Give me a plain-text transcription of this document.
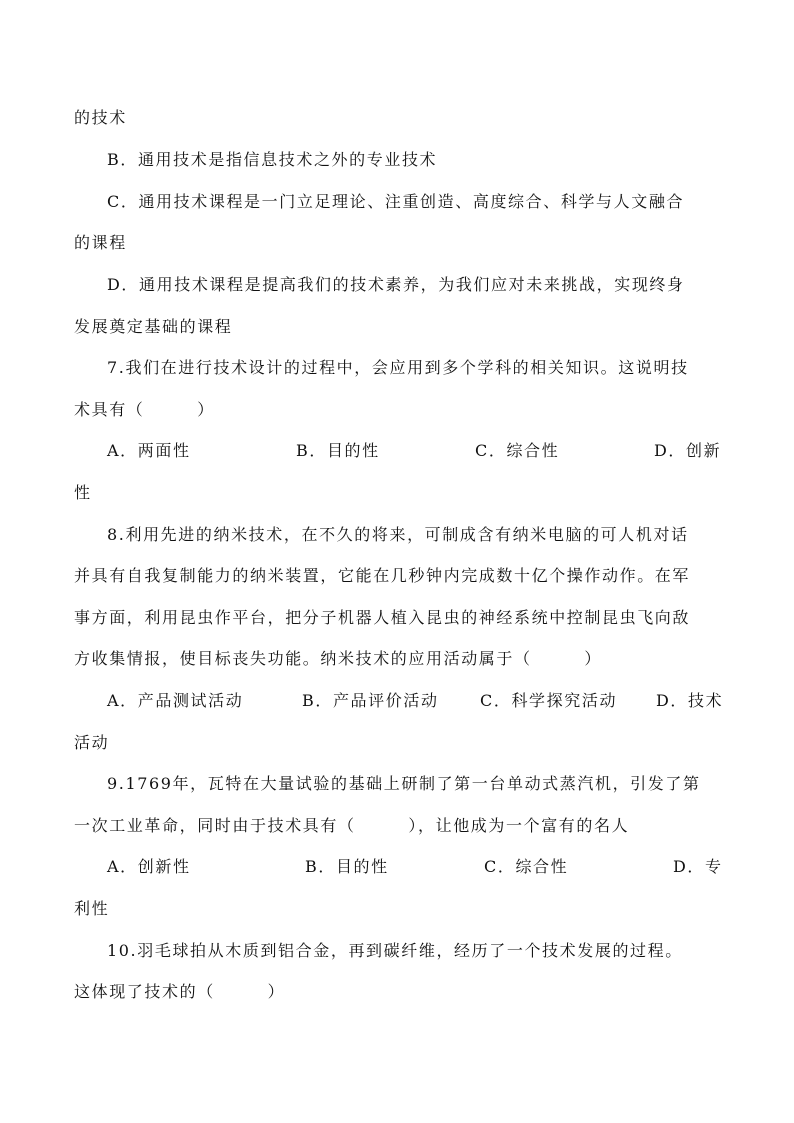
的技术
B．通用技术是指信息技术之外的专业技术
C．通用技术课程是一门立足理论、注重创造、高度综合、科学与人文融合
的课程
D．通用技术课程是提高我们的技术素养，为我们应对未来挑战，实现终身
发展奠定基础的课程
7.我们在进行技术设计的过程中，会应用到多个学科的相关知识。这说明技
术具有（　　　）
A．两面性	B．目的性	C．综合性	D．创新
性
8.利用先进的纳米技术，在不久的将来，可制成含有纳米电脑的可人机对话
并具有自我复制能力的纳米装置，它能在几秒钟内完成数十亿个操作动作。在军
事方面，利用昆虫作平台，把分子机器人植入昆虫的神经系统中控制昆虫飞向敌
方收集情报，使目标丧失功能。纳米技术的应用活动属于（　　　）
A．产品测试活动	B．产品评价活动	C．科学探究活动 D．技术
活动
9.1769年，瓦特在大量试验的基础上研制了第一台单动式蒸汽机，引发了第
一次工业革命，同时由于技术具有（　　　），让他成为一个富有的名人
A．创新性	B．目的性	C．综合性	D．专
利性
10.羽毛球拍从木质到铝合金，再到碳纤维，经历了一个技术发展的过程。
这体现了技术的（　　　）
